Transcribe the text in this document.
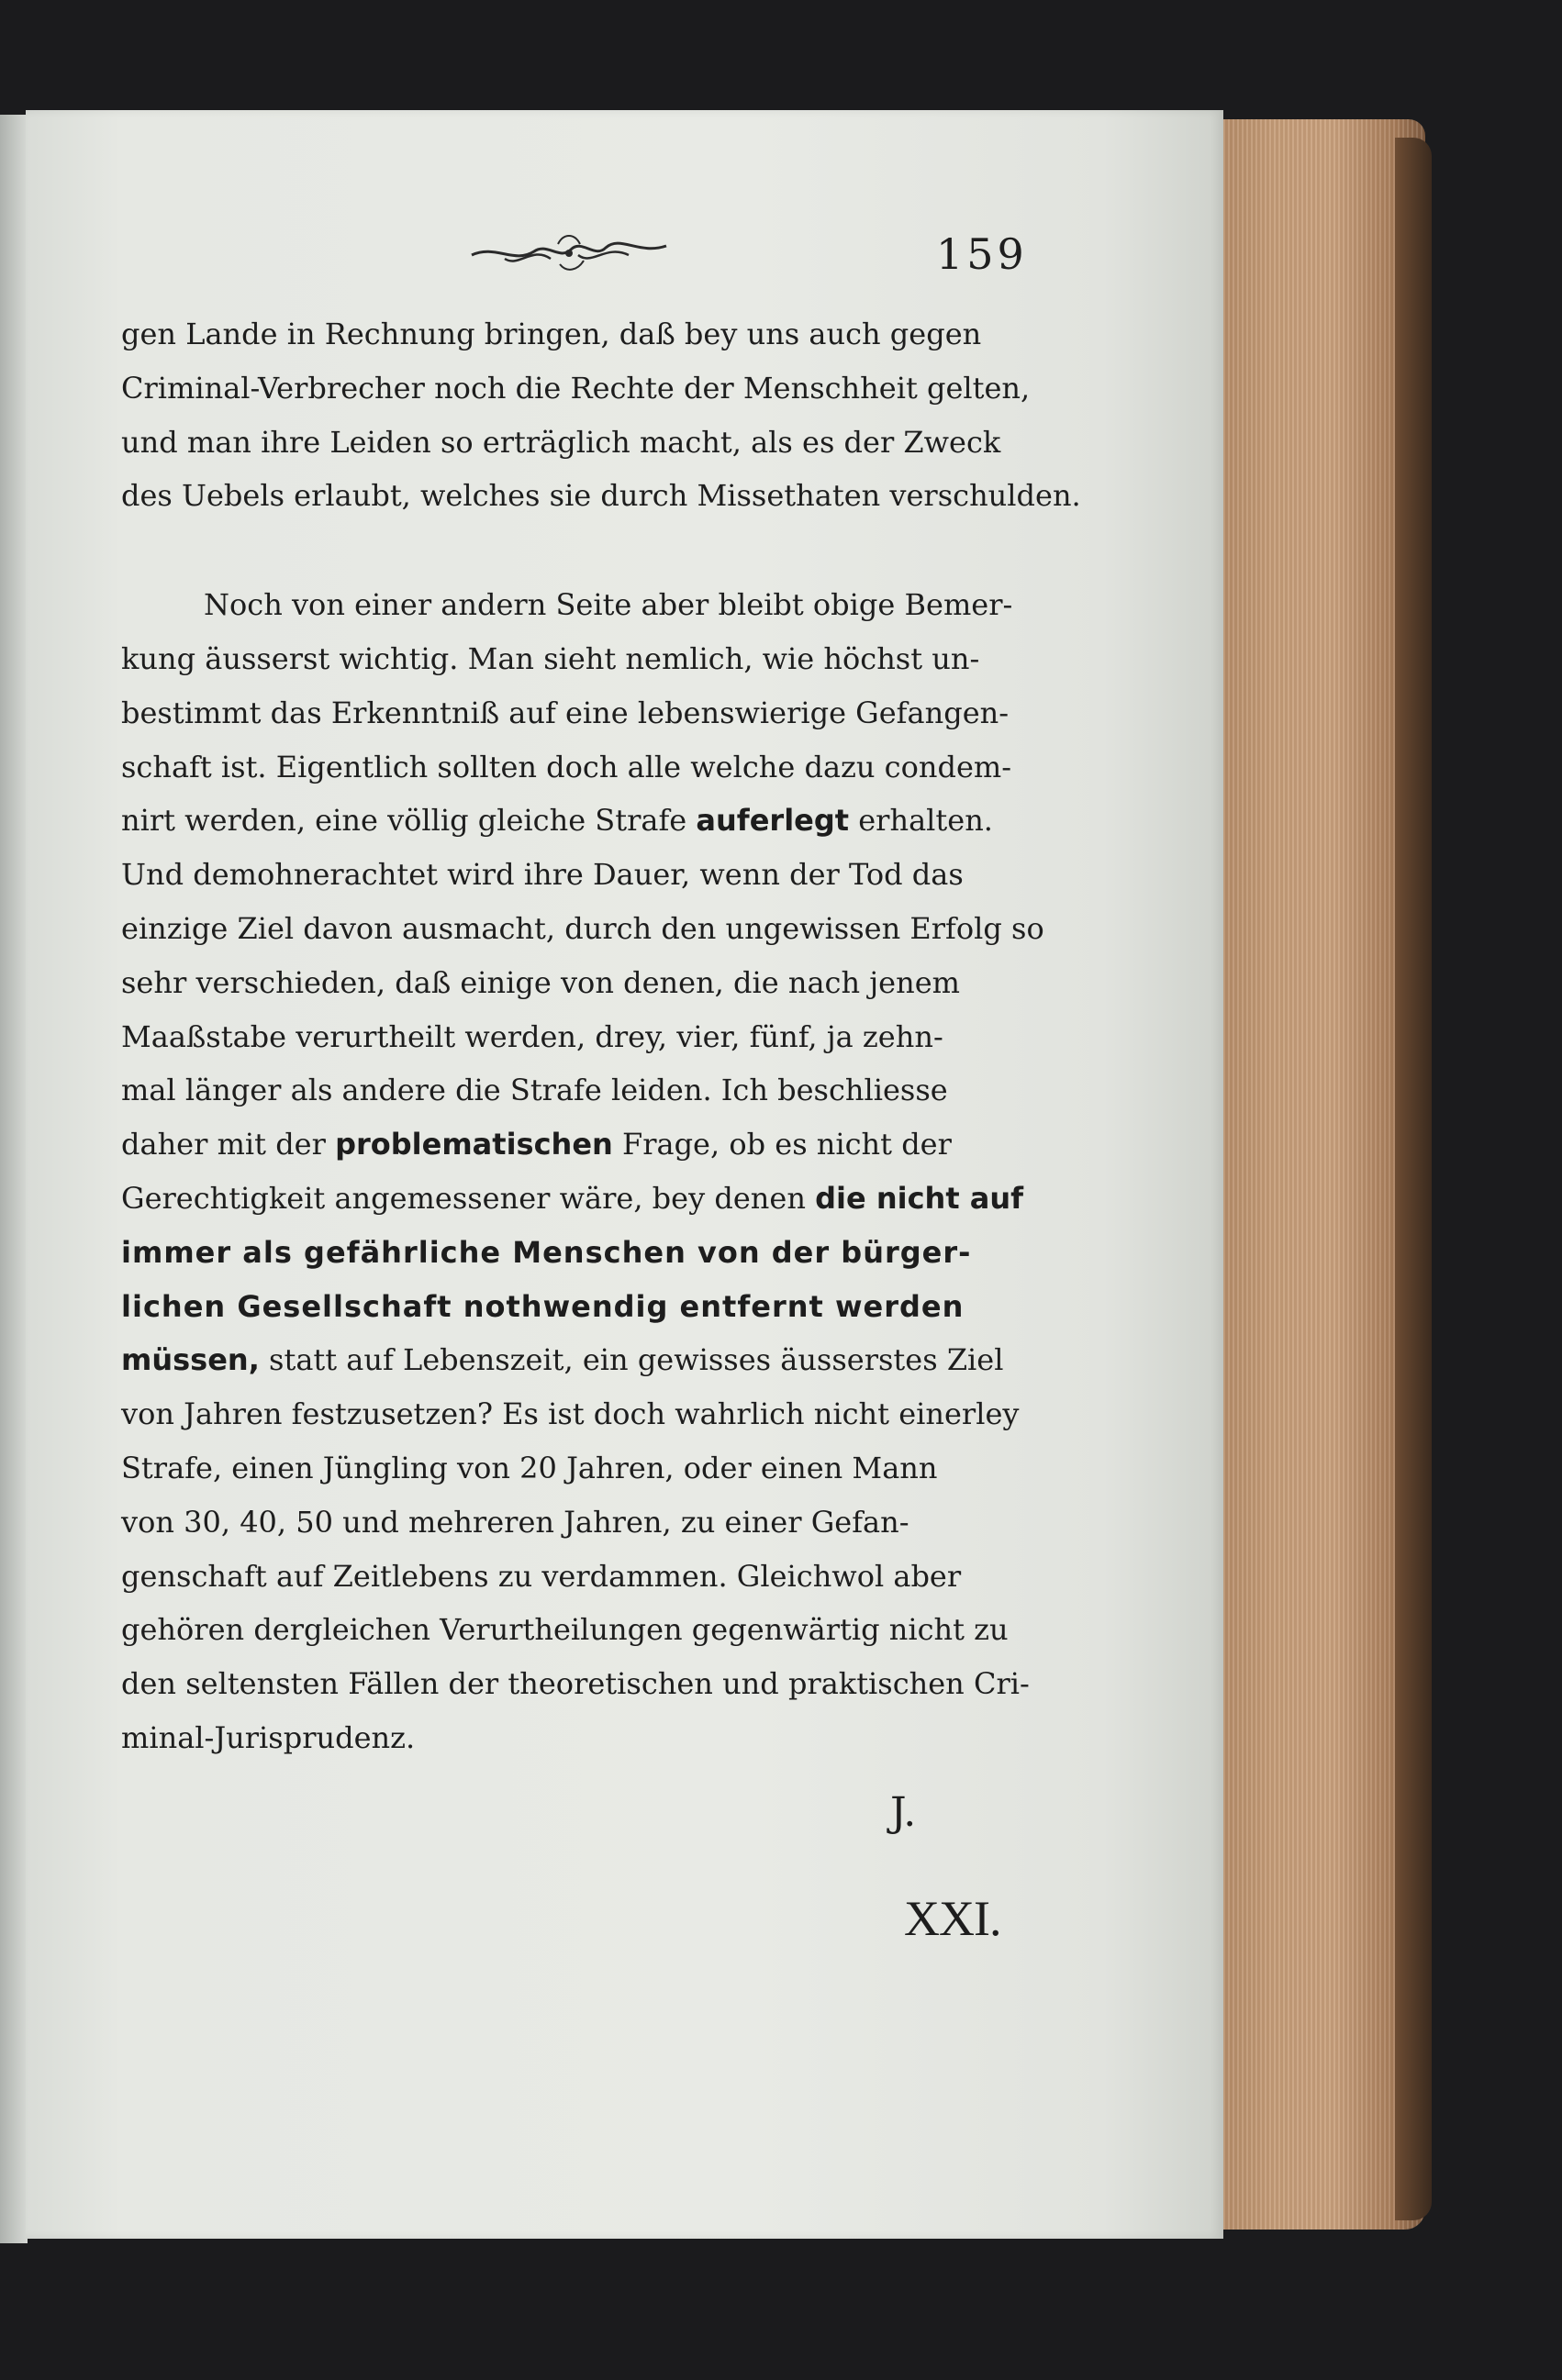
159
gen Lande in Rechnung bringen, daß bey uns auch gegen
Criminal-Verbrecher noch die Rechte der Menschheit gelten,
und man ihre Leiden so erträglich macht, als es der Zweck
des Uebels erlaubt, welches sie durch Missethaten verschulden.
Noch von einer andern Seite aber bleibt obige Bemer-
kung äusserst wichtig. Man sieht nemlich, wie höchst un-
bestimmt das Erkenntniß auf eine lebenswierige Gefangen-
schaft ist. Eigentlich sollten doch alle welche dazu condem-
nirt werden, eine völlig gleiche Strafe auferlegt erhalten.
Und demohnerachtet wird ihre Dauer, wenn der Tod das
einzige Ziel davon ausmacht, durch den ungewissen Erfolg so
sehr verschieden, daß einige von denen, die nach jenem
Maaßstabe verurtheilt werden, drey, vier, fünf, ja zehn-
mal länger als andere die Strafe leiden. Ich beschliesse
daher mit der problematischen Frage, ob es nicht der
Gerechtigkeit angemessener wäre, bey denen die nicht auf
immer als gefährliche Menschen von der bürger-
lichen Gesellschaft nothwendig entfernt werden
müssen, statt auf Lebenszeit, ein gewisses äusserstes Ziel
von Jahren festzusetzen? Es ist doch wahrlich nicht einerley
Strafe, einen Jüngling von 20 Jahren, oder einen Mann
von 30, 40, 50 und mehreren Jahren, zu einer Gefan-
genschaft auf Zeitlebens zu verdammen. Gleichwol aber
gehören dergleichen Verurtheilungen gegenwärtig nicht zu
den seltensten Fällen der theoretischen und praktischen Cri-
minal-Jurisprudenz.
J.
XXI.
